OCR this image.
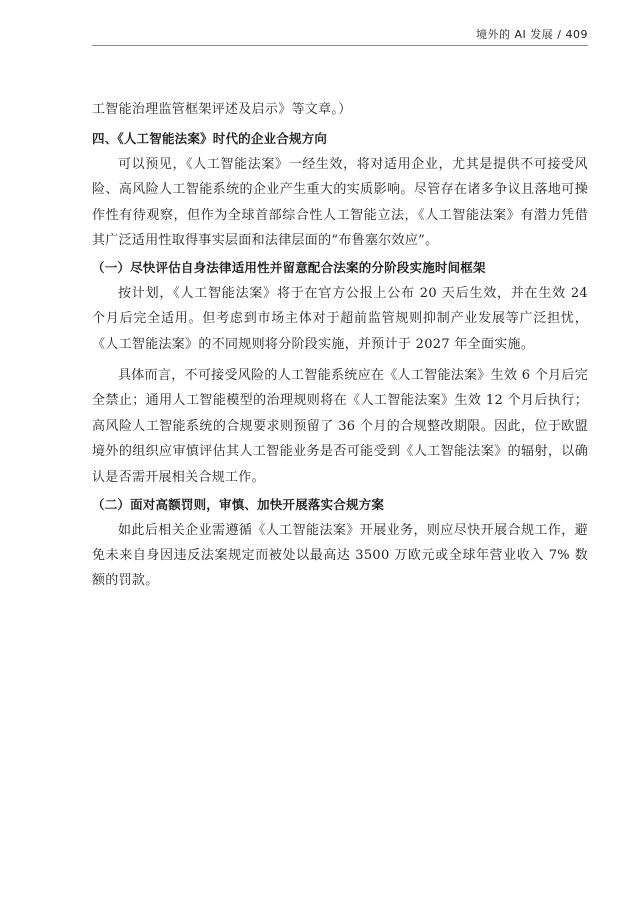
境外的 AI 发展 / 409

工智能治理监管框架评述及启示》等文章。）

四、《人工智能法案》时代的企业合规方向

可以预见，《人工智能法案》一经生效，将对适用企业，尤其是提供不可接受风险、高风险人工智能系统的企业产生重大的实质影响。尽管存在诸多争议且落地可操作性有待观察，但作为全球首部综合性人工智能立法，《人工智能法案》有潜力凭借其广泛适用性取得事实层面和法律层面的“布鲁塞尔效应”。

（一）尽快评估自身法律适用性并留意配合法案的分阶段实施时间框架

按计划，《人工智能法案》将于在官方公报上公布 20 天后生效，并在生效 24 个月后完全适用。但考虑到市场主体对于超前监管规则抑制产业发展等广泛担忧，《人工智能法案》的不同规则将分阶段实施，并预计于 2027 年全面实施。

具体而言，不可接受风险的人工智能系统应在《人工智能法案》生效 6 个月后完全禁止；通用人工智能模型的治理规则将在《人工智能法案》生效 12 个月后执行；高风险人工智能系统的合规要求则预留了 36 个月的合规整改期限。因此，位于欧盟境外的组织应审慎评估其人工智能业务是否可能受到《人工智能法案》的辐射，以确认是否需开展相关合规工作。

（二）面对高额罚则，审慎、加快开展落实合规方案

如此后相关企业需遵循《人工智能法案》开展业务，则应尽快开展合规工作，避免未来自身因违反法案规定而被处以最高达 3500 万欧元或全球年营业收入 7% 数额的罚款。
